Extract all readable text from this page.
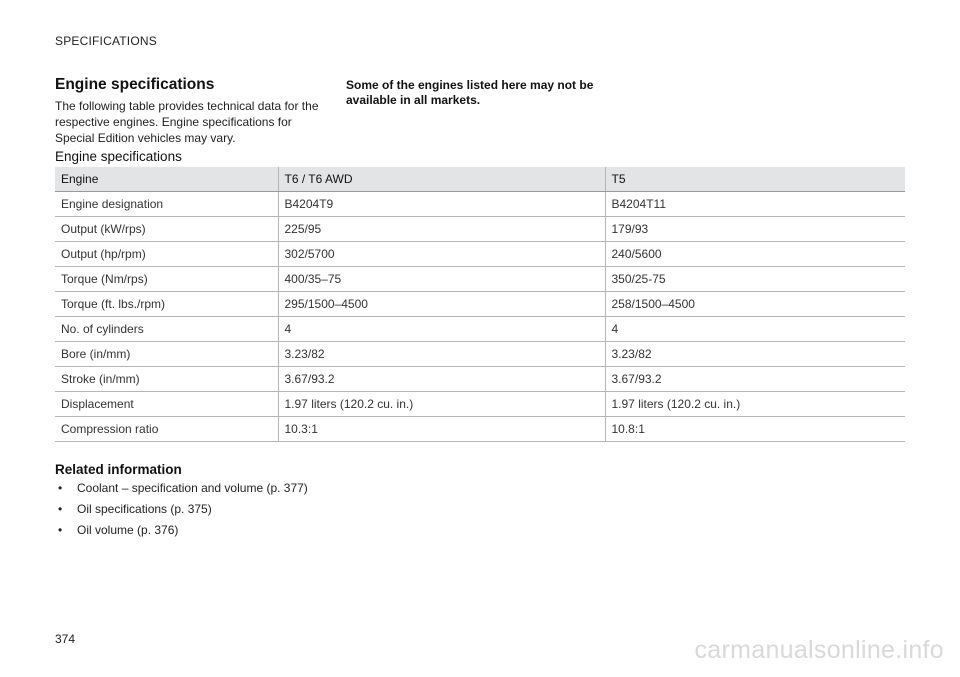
SPECIFICATIONS
Engine specifications

The following table provides technical data for the respective engines. Engine specifications for Special Edition vehicles may vary.

Some of the engines listed here may not be available in all markets.
Engine specifications
Engine	T6 / T6 AWD	T5
Engine designation	B4204T9	B4204T11
Output (kW/rps)	225/95	179/93
Output (hp/rpm)	302/5700	240/5600
Torque (Nm/rps)	400/35–75	350/25-75
Torque (ft. lbs./rpm)	295/1500–4500	258/1500–4500
No. of cylinders	4	4
Bore (in/mm)	3.23/82	3.23/82
Stroke (in/mm)	3.67/93.2	3.67/93.2
Displacement	1.97 liters (120.2 cu. in.)	1.97 liters (120.2 cu. in.)
Compression ratio	10.3:1	10.8:1
Related information
• Coolant – specification and volume (p. 377)
• Oil specifications (p. 375)
• Oil volume (p. 376)
374	carmanualsonline.info
